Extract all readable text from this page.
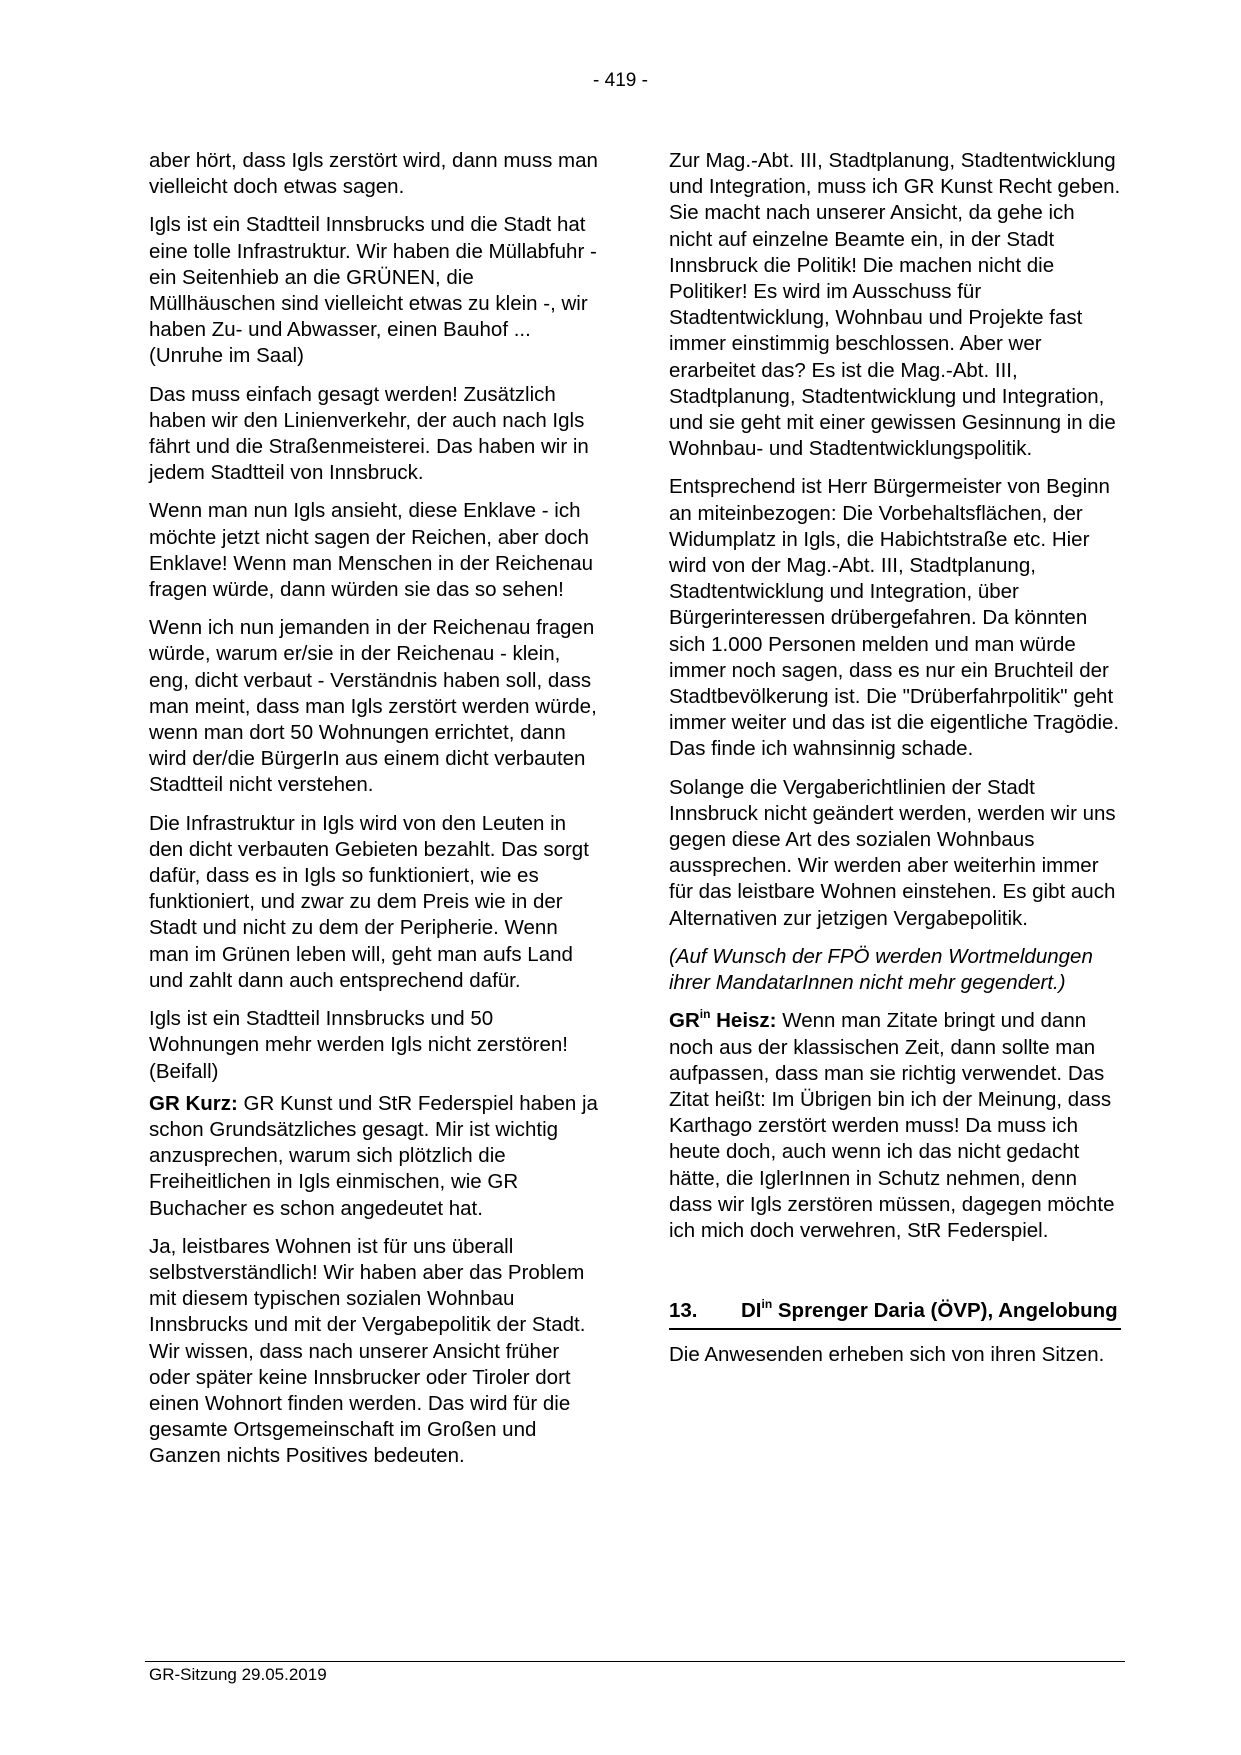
- 419 -

aber hört, dass Igls zerstört wird, dann muss man vielleicht doch etwas sagen.

Igls ist ein Stadtteil Innsbrucks und die Stadt hat eine tolle Infrastruktur. Wir haben die Müllabfuhr - ein Seitenhieb an die GRÜNEN, die Müllhäuschen sind vielleicht etwas zu klein -, wir haben Zu- und Abwasser, einen Bauhof ... (Unruhe im Saal)

Das muss einfach gesagt werden! Zusätzlich haben wir den Linienverkehr, der auch nach Igls fährt und die Straßenmeisterei. Das haben wir in jedem Stadtteil von Innsbruck.

Wenn man nun Igls ansieht, diese Enklave - ich möchte jetzt nicht sagen der Reichen, aber doch Enklave! Wenn man Menschen in der Reichenau fragen würde, dann würden sie das so sehen!

Wenn ich nun jemanden in der Reichenau fragen würde, warum er/sie in der Reichenau - klein, eng, dicht verbaut - Verständnis haben soll, dass man meint, dass man Igls zerstört werden würde, wenn man dort 50 Wohnungen errichtet, dann wird der/die BürgerIn aus einem dicht verbauten Stadtteil nicht verstehen.

Die Infrastruktur in Igls wird von den Leuten in den dicht verbauten Gebieten bezahlt. Das sorgt dafür, dass es in Igls so funktioniert, wie es funktioniert, und zwar zu dem Preis wie in der Stadt und nicht zu dem der Peripherie. Wenn man im Grünen leben will, geht man aufs Land und zahlt dann auch entsprechend dafür.

Igls ist ein Stadtteil Innsbrucks und 50 Wohnungen mehr werden Igls nicht zerstören! (Beifall)

GR Kurz: GR Kunst und StR Federspiel haben ja schon Grundsätzliches gesagt. Mir ist wichtig anzusprechen, warum sich plötzlich die Freiheitlichen in Igls einmischen, wie GR Buchacher es schon angedeutet hat.

Ja, leistbares Wohnen ist für uns überall selbstverständlich! Wir haben aber das Problem mit diesem typischen sozialen Wohnbau Innsbrucks und mit der Vergabepolitik der Stadt. Wir wissen, dass nach unserer Ansicht früher oder später keine Innsbrucker oder Tiroler dort einen Wohnort finden werden. Das wird für die gesamte Ortsgemeinschaft im Großen und Ganzen nichts Positives bedeuten.

Zur Mag.-Abt. III, Stadtplanung, Stadtentwicklung und Integration, muss ich GR Kunst Recht geben. Sie macht nach unserer Ansicht, da gehe ich nicht auf einzelne Beamte ein, in der Stadt Innsbruck die Politik! Die machen nicht die Politiker! Es wird im Ausschuss für Stadtentwicklung, Wohnbau und Projekte fast immer einstimmig beschlossen. Aber wer erarbeitet das? Es ist die Mag.-Abt. III, Stadtplanung, Stadtentwicklung und Integration, und sie geht mit einer gewissen Gesinnung in die Wohnbau- und Stadtentwicklungspolitik.

Entsprechend ist Herr Bürgermeister von Beginn an miteinbezogen: Die Vorbehaltsflächen, der Widumplatz in Igls, die Habichtstraße etc. Hier wird von der Mag.-Abt. III, Stadtplanung, Stadtentwicklung und Integration, über Bürgerinteressen drübergefahren. Da könnten sich 1.000 Personen melden und man würde immer noch sagen, dass es nur ein Bruchteil der Stadtbevölkerung ist. Die "Drüberfahrpolitik" geht immer weiter und das ist die eigentliche Tragödie. Das finde ich wahnsinnig schade.

Solange die Vergaberichtlinien der Stadt Innsbruck nicht geändert werden, werden wir uns gegen diese Art des sozialen Wohnbaus aussprechen. Wir werden aber weiterhin immer für das leistbare Wohnen einstehen. Es gibt auch Alternativen zur jetzigen Vergabepolitik.

(Auf Wunsch der FPÖ werden Wortmeldungen ihrer MandatarInnen nicht mehr gegendert.)

$GR^{in}$ Heisz: Wenn man Zitate bringt und dann noch aus der klassischen Zeit, dann sollte man aufpassen, dass man sie richtig verwendet. Das Zitat heißt: Im Übrigen bin ich der Meinung, dass Karthago zerstört werden muss! Da muss ich heute doch, auch wenn ich das nicht gedacht hätte, die IglerInnen in Schutz nehmen, denn dass wir Igls zerstören müssen, dagegen möchte ich mich doch verwehren, StR Federspiel.

13.	$DI^{in}$ Sprenger Daria (ÖVP), Angelobung

Die Anwesenden erheben sich von ihren Sitzen.

GR-Sitzung 29.05.2019
